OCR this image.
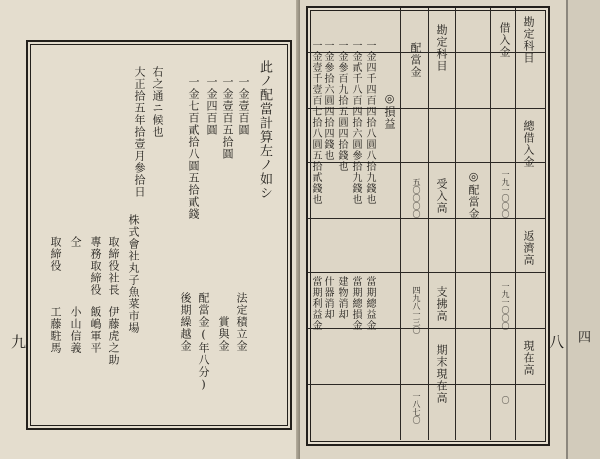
此ノ配當計算左ノ如シ
一金壹百圓
一金壹百五拾圓
一金四百圓
一金七百貳拾八圓五拾貳錢
右之通ニ候也
大正拾五年拾壹月參拾日
法定積立金
賞與金
配當金(年八分)
後期繰越金
株式會社丸子魚菜市場
取締役社長
伊藤虎之助
專務取締役
飯嶋軍平
仝
小山信義
取締役
工藤駐馬
九
勘定科目
總借入金
返濟高
現在高
借入金
一九一〇〇〇
一九一〇〇〇
〇
◎配當金
勘定科目
受入高
支拂高
期末現在高
配當金
五〇〇〇〇
四九八一三〇
一八七〇
◎損益
當期總益金
當期總損金
建物消却
什器消却
當期利益金
一金四千四百四拾八圓八拾九錢也
一金貳千八百四拾六圓參拾九錢也
一金參百九拾五圓四拾錢也
一金參拾六圓四拾四錢也
一金壹千壹百七拾八圓五拾貳錢也
八 四
